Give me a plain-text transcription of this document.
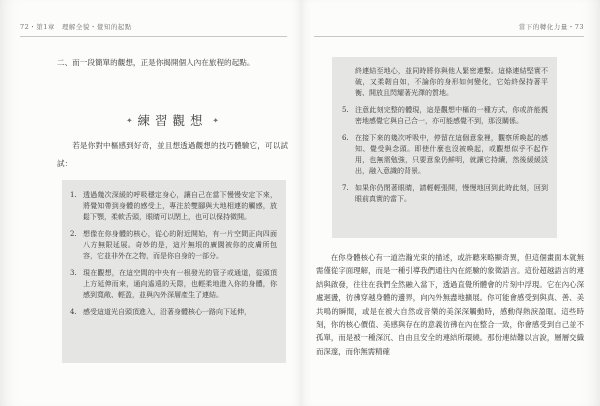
72・第1章　理解全貌・覺知的起點
二、而一段簡單的觀想，正是你揭開個人內在旅程的起點。
✦ 練習觀想 ✦
若是你對中樞感到好奇，並且想透過觀想的技巧體驗它，可以試試：
1. 透過幾次深緩的呼吸穩定身心，讓自己在當下慢慢安定下來，將覺知帶到身體的感受上，專注於雙腳與大地相連的觸感，放鬆下顎，柔軟舌頭，眼睛可以閉上，也可以保持微開。
2. 想像在你身體的核心，從心的附近開始，有一片空間正向四面八方無限延展。奇妙的是，這片無垠的廣闊被你的皮膚所包容，它並非外在之物，而是你自身的一部分。
3. 現在觀想，在這空間的中央有一根發光的管子或通道，從頭頂上方延伸而來，通向遙遠的天際，也輕柔地進入你的身體，你感到寬敞、輕盈，並與內外深層產生了連結。
4. 感受這道光自頭頂進入，沿著身體核心一路向下延伸，
當下的轉化力量・73
終連結至地心，並同時將你與他人緊密連繫。這條連結堅實不破，又柔韌自如，不論你的身形如何變化，它始終保持著平衡、開放且閃耀著光澤的質地。
5. 注意此刻完整的體現，這是觀想中樞的一種方式，你或許能親密地感覺它與自己合一，亦可能感覺不到，那沒關係。
6. 在接下來的幾次呼吸中，停留在這個意象裡，觀察所喚起的感知、覺受與念頭。即使什麼也沒被喚起，或觀想似乎不起作用，也無需勉強，只要意象仍鮮明，就讓它持續，然後緩緩淡出，融入意識的背景。
7. 如果你仍閉著眼睛，請輕輕張開，慢慢地回到此時此刻，回到眼前真實的當下。
在你身體核心有一道浩瀚光束的描述，或許聽來略顯奇異，但這個畫面本就無需僅從字面理解，而是一種引導我們通往內在經驗的象徵語言。這份超越語言的連結與啟發，往往在我們全然融入當下，透過直覺所體會的片刻中浮現。它在內心深處迴盪，彷彿穿越身體的邊界，向內外無盡地擴展。你可能會感受到與真、善、美共鳴的瞬間，或是在被大自然或音樂的美深深觸動時，感動得熱淚盈眶。這些時刻，你的核心價值、美感與存在的意義彷彿在內在整合一致，你會感受到自己並不孤單，而是被一種深沉、自由且安全的連結所環繞。那份連結難以言說，層層交織而深邃，而你無需精確
